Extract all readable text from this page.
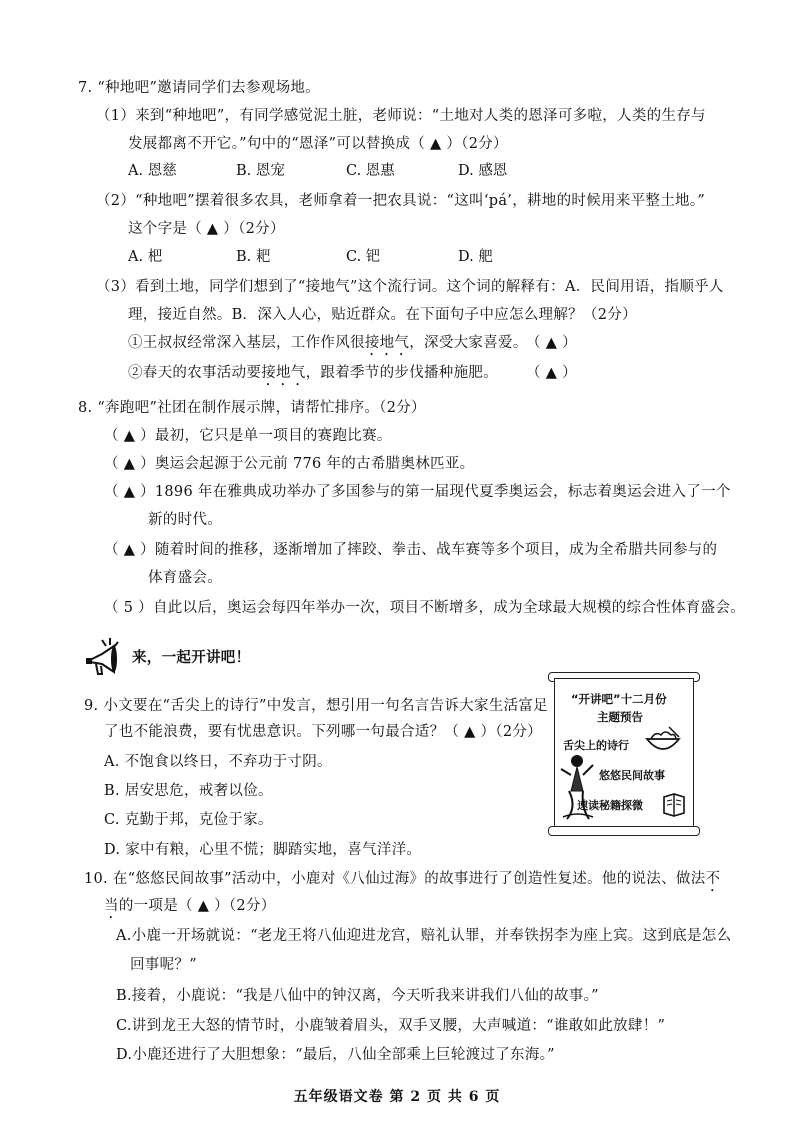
7. “种地吧”邀请同学们去参观场地。
（1）来到“种地吧”，有同学感觉泥土脏，老师说：“土地对人类的恩泽可多啦，人类的生存与
发展都离不开它。”句中的“恩泽”可以替换成（ ▲ ）（2分）
A. 恩慈	B. 恩宠	C. 恩惠	D. 感恩
（2）“种地吧”摆着很多农具，老师拿着一把农具说：“这叫‘pá’，耕地的时候用来平整土地。”
这个字是（ ▲ ）（2分）
A. 杷	B. 耙	C. 钯	D. 舥
（3）看到土地，同学们想到了“接地气”这个流行词。这个词的解释有：A．民间用语，指顺乎人
理，接近自然。B．深入人心，贴近群众。在下面句子中应怎么理解？（2分）
①王叔叔经常深入基层，工作作风很接地气，深受大家喜爱。
（ ▲ ）
②春天的农事活动要接地气，跟着季节的步伐播种施肥。 （ ▲ ）
8. “奔跑吧”社团在制作展示牌，请帮忙排序。（2分）
（ ▲ ）最初，它只是单一项目的赛跑比赛。
（ ▲ ）奥运会起源于公元前 776 年的古希腊奥林匹亚。
（ ▲ ）1896 年在雅典成功举办了多国参与的第一届现代夏季奥运会，标志着奥运会进入了一个
新的时代。
（ ▲ ）随着时间的推移，逐渐增加了摔跤、拳击、战车赛等多个项目，成为全希腊共同参与的
体育盛会。
（ 5 ）自此以后，奥运会每四年举办一次，项目不断增多，成为全球最大规模的综合性体育盛会。
来，一起开讲吧！
“开讲吧”十二月份
主题预告
舌尖上的诗行
悠悠民间故事
速读秘籍探微
9. 小文要在“舌尖上的诗行”中发言，想引用一句名言告诉大家生活富足
了也不能浪费，要有忧患意识。下列哪一句最合适？（ ▲ ）（2分）
A. 不饱食以终日，不弃功于寸阴。
B. 居安思危，戒奢以俭。
C. 克勤于邦，克俭于家。
D. 家中有粮，心里不慌；脚踏实地，喜气洋洋。
10. 在“悠悠民间故事”活动中，小鹿对《八仙过海》的故事进行了创造性复述。他的说法、做法不
当的一项是（ ▲ ）（2分）
A.小鹿一开场就说：“老龙王将八仙迎进龙宫，赔礼认罪，并奉铁拐李为座上宾。这到底是怎么
回事呢？”
B.接着，小鹿说：“我是八仙中的钟汉离，今天听我来讲我们八仙的故事。”
C.讲到龙王大怒的情节时，小鹿皱着眉头，双手叉腰，大声喊道：“谁敢如此放肆！”
D.小鹿还进行了大胆想象：“最后，八仙全部乘上巨轮渡过了东海。”
五年级语文卷 第 2 页 共 6 页
